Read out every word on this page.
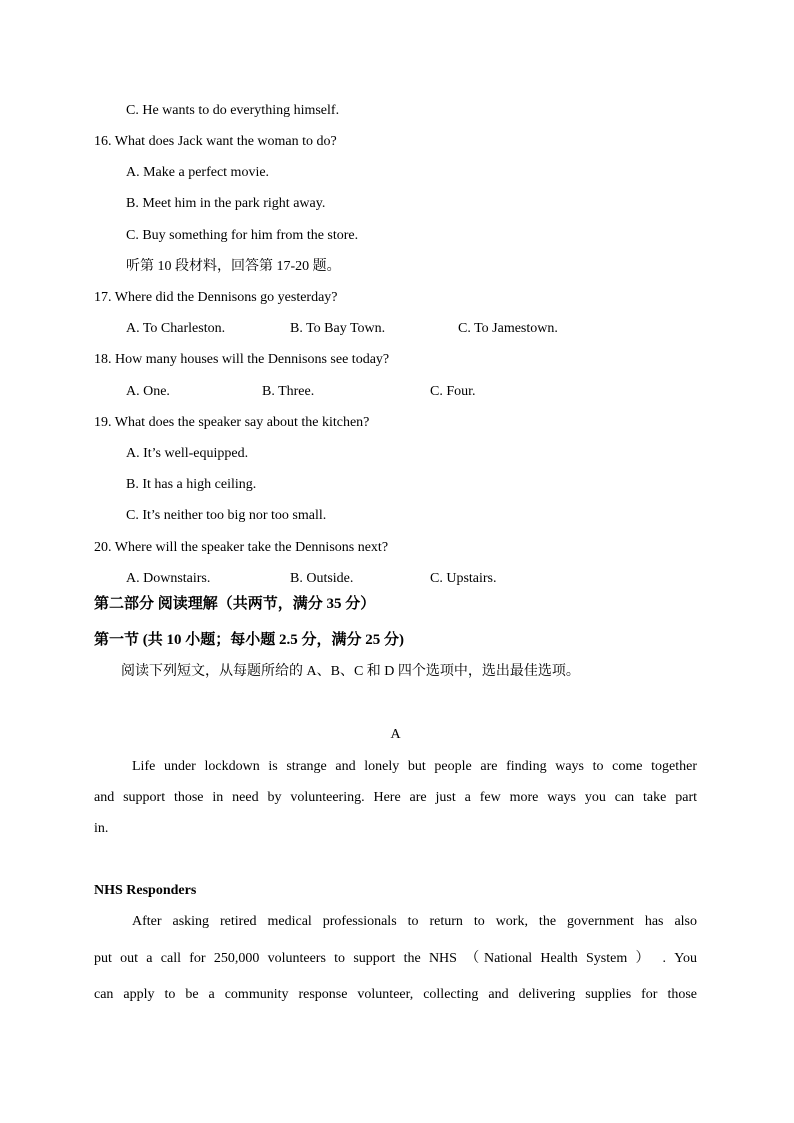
C. He wants to do everything himself.
16. What does Jack want the woman to do?
A. Make a perfect movie.
B. Meet him in the park right away.
C. Buy something for him from the store.
听第 10 段材料，回答第 17-20 题。
17. Where did the Dennisons go yesterday?
A. To Charleston.	B. To Bay Town.	C. To Jamestown.
18. How many houses will the Dennisons see today?
A. One.	B. Three.	C. Four.
19. What does the speaker say about the kitchen?
A. It’s well-equipped.
B. It has a high ceiling.
C. It’s neither too big nor too small.
20. Where will the speaker take the Dennisons next?
A. Downstairs.	B. Outside.	C. Upstairs.
第二部分 阅读理解（共两节，满分 35 分）
第一节 (共 10 小题；每小题 2.5 分，满分 25 分)
阅读下列短文，从每题所给的 A、B、C 和 D 四个选项中，选出最佳选项。
A
Life under lockdown is strange and lonely but people are finding ways to come together
and support those in need by volunteering. Here are just a few more ways you can take part
in.
NHS Responders
After asking retired medical professionals to return to work, the government has also
put out a call for 250,000 volunteers to support the NHS （National Health System ） . You
can apply to be a community response volunteer, collecting and delivering supplies for those
